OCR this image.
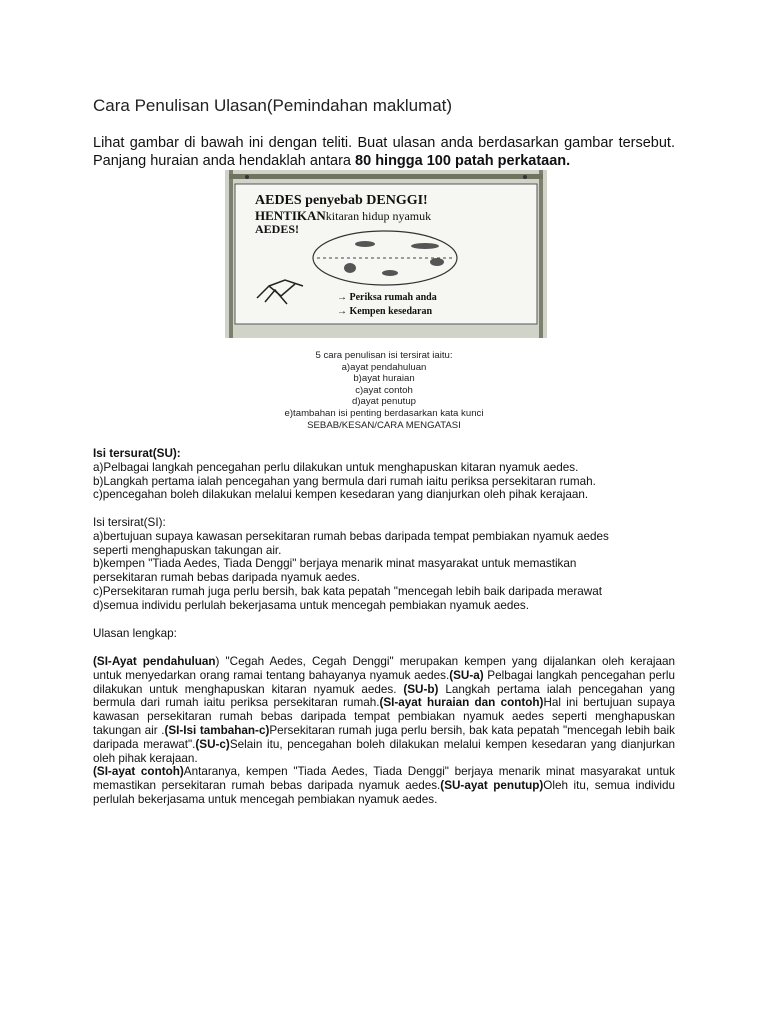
Cara Penulisan Ulasan(Pemindahan maklumat)
Lihat gambar di bawah ini dengan teliti. Buat ulasan anda berdasarkan gambar tersebut. Panjang huraian anda hendaklah antara 80 hingga 100 patah perkataan.
AEDES penyebab DENGGI!
HENTIKANkitaran hidup nyamuk
AEDES!
→ Periksa rumah anda
→ Kempen kesedaran
5 cara penulisan isi tersirat iaitu:
a)ayat pendahuluan
b)ayat huraian
c)ayat contoh
d)ayat penutup
e)tambahan isi penting berdasarkan kata kunci
SEBAB/KESAN/CARA MENGATASI
Isi tersurat(SU):
a)Pelbagai langkah pencegahan perlu dilakukan untuk menghapuskan kitaran nyamuk aedes.
b)Langkah pertama ialah pencegahan yang bermula dari rumah iaitu periksa persekitaran rumah.
c)pencegahan boleh dilakukan melalui kempen kesedaran yang dianjurkan oleh pihak kerajaan.
Isi tersirat(SI):
a)bertujuan supaya kawasan persekitaran rumah bebas daripada tempat pembiakan nyamuk aedes
seperti menghapuskan takungan air.
b)kempen "Tiada Aedes, Tiada Denggi" berjaya menarik minat masyarakat untuk memastikan
persekitaran rumah bebas daripada nyamuk aedes.
c)Persekitaran rumah juga perlu bersih, bak kata pepatah "mencegah lebih baik daripada merawat
d)semua individu perlulah bekerjasama untuk mencegah pembiakan nyamuk aedes.
Ulasan lengkap:
(SI-Ayat pendahuluan) "Cegah Aedes, Cegah Denggi" merupakan kempen yang dijalankan oleh kerajaan untuk menyedarkan orang ramai tentang bahayanya nyamuk aedes.(SU-a) Pelbagai langkah pencegahan perlu dilakukan untuk menghapuskan kitaran nyamuk aedes. (SU-b) Langkah pertama ialah pencegahan yang bermula dari rumah iaitu periksa persekitaran rumah.(SI-ayat huraian dan contoh)Hal ini bertujuan supaya kawasan persekitaran rumah bebas daripada tempat pembiakan nyamuk aedes seperti menghapuskan takungan air .(SI-Isi tambahan-c)Persekitaran rumah juga perlu bersih, bak kata pepatah "mencegah lebih baik daripada merawat".(SU-c)Selain itu, pencegahan boleh dilakukan melalui kempen kesedaran yang dianjurkan oleh pihak kerajaan.
(SI-ayat contoh)Antaranya, kempen "Tiada Aedes, Tiada Denggi" berjaya menarik minat masyarakat untuk memastikan persekitaran rumah bebas daripada nyamuk aedes.(SU-ayat penutup)Oleh itu, semua individu perlulah bekerjasama untuk mencegah pembiakan nyamuk aedes.
